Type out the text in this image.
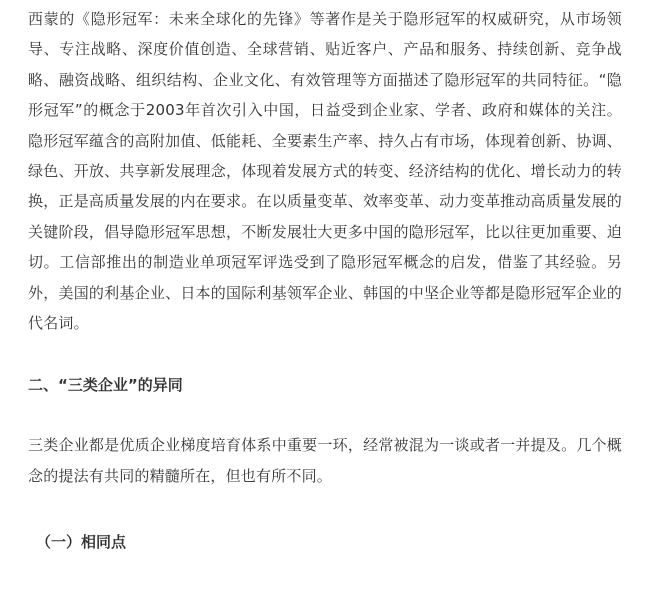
西蒙的《隐形冠军：未来全球化的先锋》等著作是关于隐形冠军的权威研究，从市场领导、专注战略、深度价值创造、全球营销、贴近客户、产品和服务、持续创新、竞争战略、融资战略、组织结构、企业文化、有效管理等方面描述了隐形冠军的共同特征。“隐形冠军”的概念于2003年首次引入中国，日益受到企业家、学者、政府和媒体的关注。隐形冠军蕴含的高附加值、低能耗、全要素生产率、持久占有市场，体现着创新、协调、绿色、开放、共享新发展理念，体现着发展方式的转变、经济结构的优化、增长动力的转换，正是高质量发展的内在要求。在以质量变革、效率变革、动力变革推动高质量发展的关键阶段，倡导隐形冠军思想，不断发展壮大更多中国的隐形冠军，比以往更加重要、迫切。工信部推出的制造业单项冠军评选受到了隐形冠军概念的启发，借鉴了其经验。另外，美国的利基企业、日本的国际利基领军企业、韩国的中坚企业等都是隐形冠军企业的代名词。

二、“三类企业”的异同

三类企业都是优质企业梯度培育体系中重要一环，经常被混为一谈或者一并提及。几个概念的提法有共同的精髓所在，但也有所不同。

（一）相同点
